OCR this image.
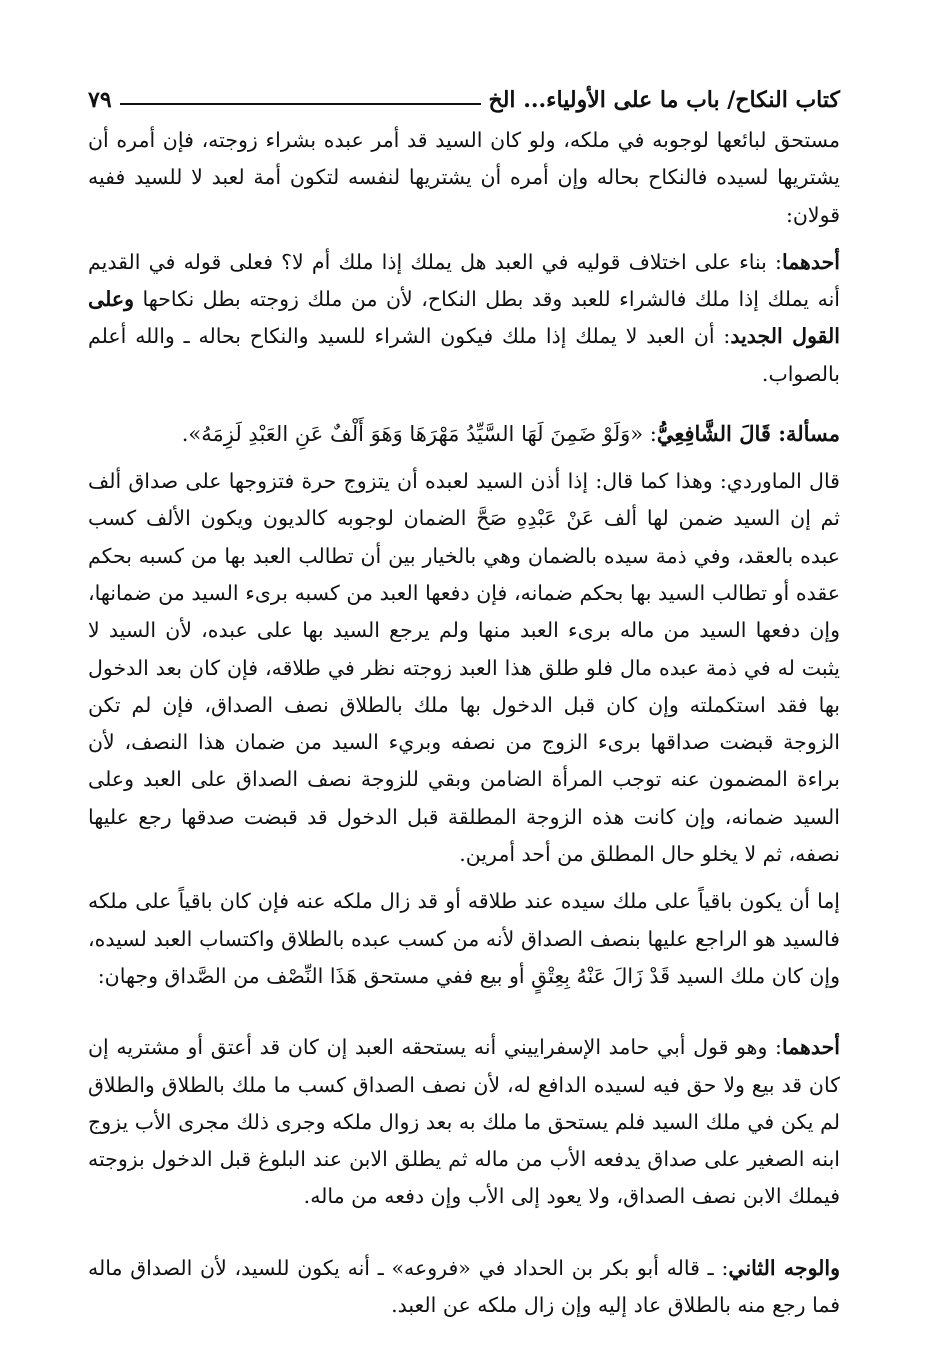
كتاب النكاح/ باب ما على الأولياء... الخ
٧٩

مستحق لبائعها لوجوبه في ملكه، ولو كان السيد قد أمر عبده بشراء زوجته، فإن أمره أن يشتريها لسيده فالنكاح بحاله وإن أمره أن يشتريها لنفسه لتكون أمة لعبد لا للسيد ففيه قولان:

أحدهما: بناء على اختلاف قوليه في العبد هل يملك إذا ملك أم لا؟ فعلى قوله في القديم أنه يملك إذا ملك فالشراء للعبد وقد بطل النكاح، لأن من ملك زوجته بطل نكاحها وعلى القول الجديد: أن العبد لا يملك إذا ملك فيكون الشراء للسيد والنكاح بحاله ـ والله أعلم بالصواب.

مسألة: قَالَ الشَّافِعِيُّ: «وَلَوْ ضَمِنَ لَهَا السَّيِّدُ مَهْرَهَا وَهَوَ أَلْفٌ عَنِ العَبْدِ لَزِمَهُ».

قال الماوردي: وهذا كما قال: إذا أذن السيد لعبده أن يتزوج حرة فتزوجها على صداق ألف ثم إن السيد ضمن لها ألف عَنْ عَبْدِهِ صَحَّ الضمان لوجوبه كالديون ويكون الألف كسب عبده بالعقد، وفي ذمة سيده بالضمان وهي بالخيار بين أن تطالب العبد بها من كسبه بحكم عقده أو تطالب السيد بها بحكم ضمانه، فإن دفعها العبد من كسبه برىء السيد من ضمانها، وإن دفعها السيد من ماله برىء العبد منها ولم يرجع السيد بها على عبده، لأن السيد لا يثبت له في ذمة عبده مال فلو طلق هذا العبد زوجته نظر في طلاقه، فإن كان بعد الدخول بها فقد استكملته وإن كان قبل الدخول بها ملك بالطلاق نصف الصداق، فإن لم تكن الزوجة قبضت صداقها برىء الزوج من نصفه وبريء السيد من ضمان هذا النصف، لأن براءة المضمون عنه توجب المرأة الضامن وبقي للزوجة نصف الصداق على العبد وعلى السيد ضمانه، وإن كانت هذه الزوجة المطلقة قبل الدخول قد قبضت صدقها رجع عليها نصفه، ثم لا يخلو حال المطلق من أحد أمرين.

إما أن يكون باقياً على ملك سيده عند طلاقه أو قد زال ملكه عنه فإن كان باقياً على ملكه فالسيد هو الراجع عليها بنصف الصداق لأنه من كسب عبده بالطلاق واكتساب العبد لسيده، وإن كان ملك السيد قَدْ زَالَ عَنْهُ بِعِتْقٍ أو بيع ففي مستحق هَذَا النِّصْف من الصَّداق وجهان:

أحدهما: وهو قول أبي حامد الإسفراييني أنه يستحقه العبد إن كان قد أعتق أو مشتريه إن كان قد بيع ولا حق فيه لسيده الدافع له، لأن نصف الصداق كسب ما ملك بالطلاق والطلاق لم يكن في ملك السيد فلم يستحق ما ملك به بعد زوال ملكه وجرى ذلك مجرى الأب يزوج ابنه الصغير على صداق يدفعه الأب من ماله ثم يطلق الابن عند البلوغ قبل الدخول بزوجته فيملك الابن نصف الصداق، ولا يعود إلى الأب وإن دفعه من ماله.

والوجه الثاني: ـ قاله أبو بكر بن الحداد في «فروعه» ـ أنه يكون للسيد، لأن الصداق ماله فما رجع منه بالطلاق عاد إليه وإن زال ملكه عن العبد.
